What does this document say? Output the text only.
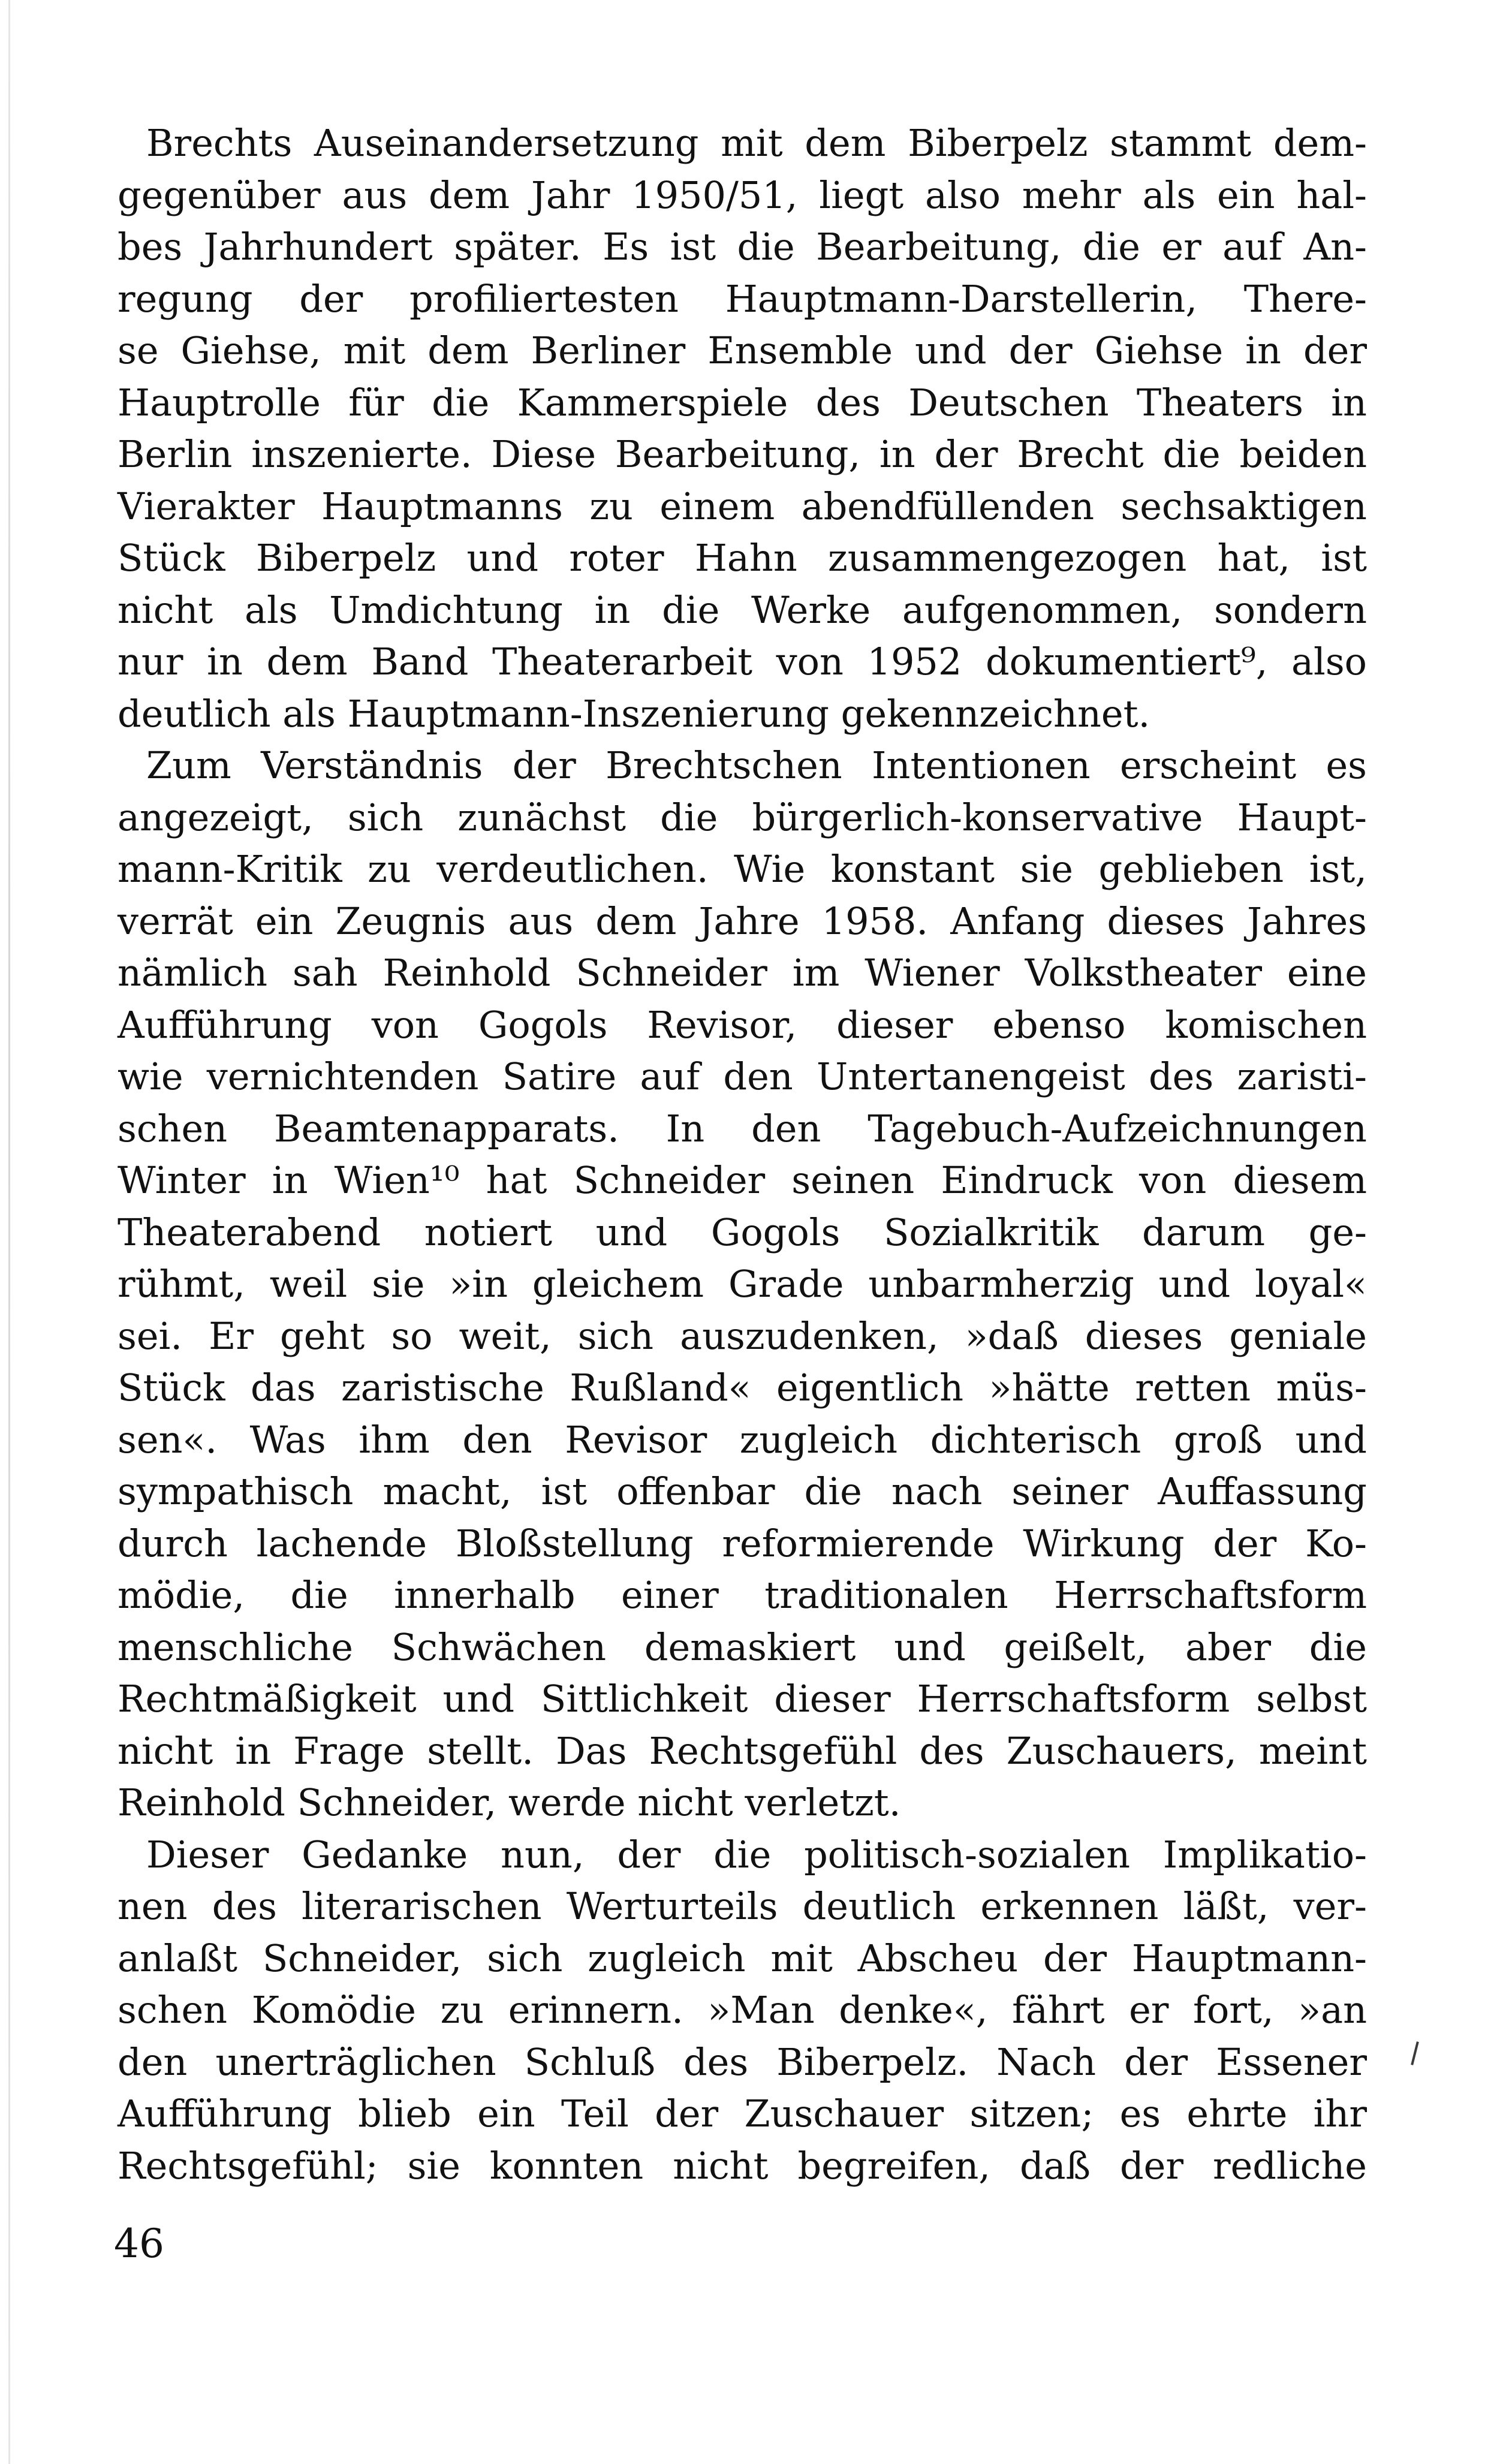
Brechts Auseinandersetzung mit dem Biberpelz stammt dem-
gegenüber aus dem Jahr 1950/51, liegt also mehr als ein hal-
bes Jahrhundert später. Es ist die Bearbeitung, die er auf An-
regung der profiliertesten Hauptmann-Darstellerin, There-
se Giehse, mit dem Berliner Ensemble und der Giehse in der
Hauptrolle für die Kammerspiele des Deutschen Theaters in
Berlin inszenierte. Diese Bearbeitung, in der Brecht die beiden
Vierakter Hauptmanns zu einem abendfüllenden sechsaktigen
Stück Biberpelz und roter Hahn zusammengezogen hat, ist
nicht als Umdichtung in die Werke aufgenommen, sondern
nur in dem Band Theaterarbeit von 1952 dokumentiert⁹, also
deutlich als Hauptmann-Inszenierung gekennzeichnet.
Zum Verständnis der Brechtschen Intentionen erscheint es
angezeigt, sich zunächst die bürgerlich-konservative Haupt-
mann-Kritik zu verdeutlichen. Wie konstant sie geblieben ist,
verrät ein Zeugnis aus dem Jahre 1958. Anfang dieses Jahres
nämlich sah Reinhold Schneider im Wiener Volkstheater eine
Aufführung von Gogols Revisor, dieser ebenso komischen
wie vernichtenden Satire auf den Untertanengeist des zaristi-
schen Beamtenapparats. In den Tagebuch-Aufzeichnungen
Winter in Wien¹⁰ hat Schneider seinen Eindruck von diesem
Theaterabend notiert und Gogols Sozialkritik darum ge-
rühmt, weil sie »in gleichem Grade unbarmherzig und loyal«
sei. Er geht so weit, sich auszudenken, »daß dieses geniale
Stück das zaristische Rußland« eigentlich »hätte retten müs-
sen«. Was ihm den Revisor zugleich dichterisch groß und
sympathisch macht, ist offenbar die nach seiner Auffassung
durch lachende Bloßstellung reformierende Wirkung der Ko-
mödie, die innerhalb einer traditionalen Herrschaftsform
menschliche Schwächen demaskiert und geißelt, aber die
Rechtmäßigkeit und Sittlichkeit dieser Herrschaftsform selbst
nicht in Frage stellt. Das Rechtsgefühl des Zuschauers, meint
Reinhold Schneider, werde nicht verletzt.
Dieser Gedanke nun, der die politisch-sozialen Implikatio-
nen des literarischen Werturteils deutlich erkennen läßt, ver-
anlaßt Schneider, sich zugleich mit Abscheu der Hauptmann-
schen Komödie zu erinnern. »Man denke«, fährt er fort, »an
den unerträglichen Schluß des Biberpelz. Nach der Essener
Aufführung blieb ein Teil der Zuschauer sitzen; es ehrte ihr
Rechtsgefühl; sie konnten nicht begreifen, daß der redliche
46
